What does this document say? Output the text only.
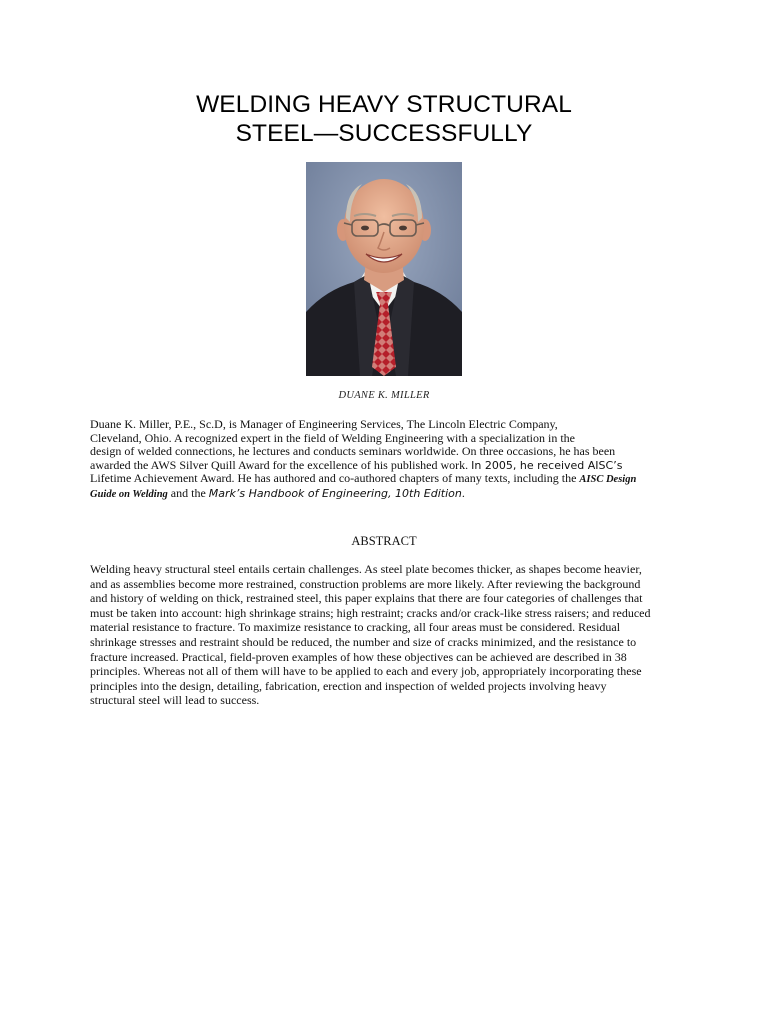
WELDING HEAVY STRUCTURAL
STEEL—SUCCESSFULLY
DUANE K. MILLER
Duane K. Miller, P.E., Sc.D, is Manager of Engineering Services, The Lincoln Electric Company,
Cleveland, Ohio. A recognized expert in the field of Welding Engineering with a specialization in the
design of welded connections, he lectures and conducts seminars worldwide. On three occasions, he has been
awarded the AWS Silver Quill Award for the excellence of his published work. In 2005, he received AISC’s
Lifetime Achievement Award. He has authored and co-authored chapters of many texts, including the AISC Design
Guide on Welding and the Mark’s Handbook of Engineering, 10th Edition.
ABSTRACT
Welding heavy structural steel entails certain challenges. As steel plate becomes thicker, as shapes become heavier,
and as assemblies become more restrained, construction problems are more likely. After reviewing the background
and history of welding on thick, restrained steel, this paper explains that there are four categories of challenges that
must be taken into account: high shrinkage strains; high restraint; cracks and/or crack-like stress raisers; and reduced
material resistance to fracture. To maximize resistance to cracking, all four areas must be considered. Residual
shrinkage stresses and restraint should be reduced, the number and size of cracks minimized, and the resistance to
fracture increased. Practical, field-proven examples of how these objectives can be achieved are described in 38
principles. Whereas not all of them will have to be applied to each and every job, appropriately incorporating these
principles into the design, detailing, fabrication, erection and inspection of welded projects involving heavy
structural steel will lead to success.
